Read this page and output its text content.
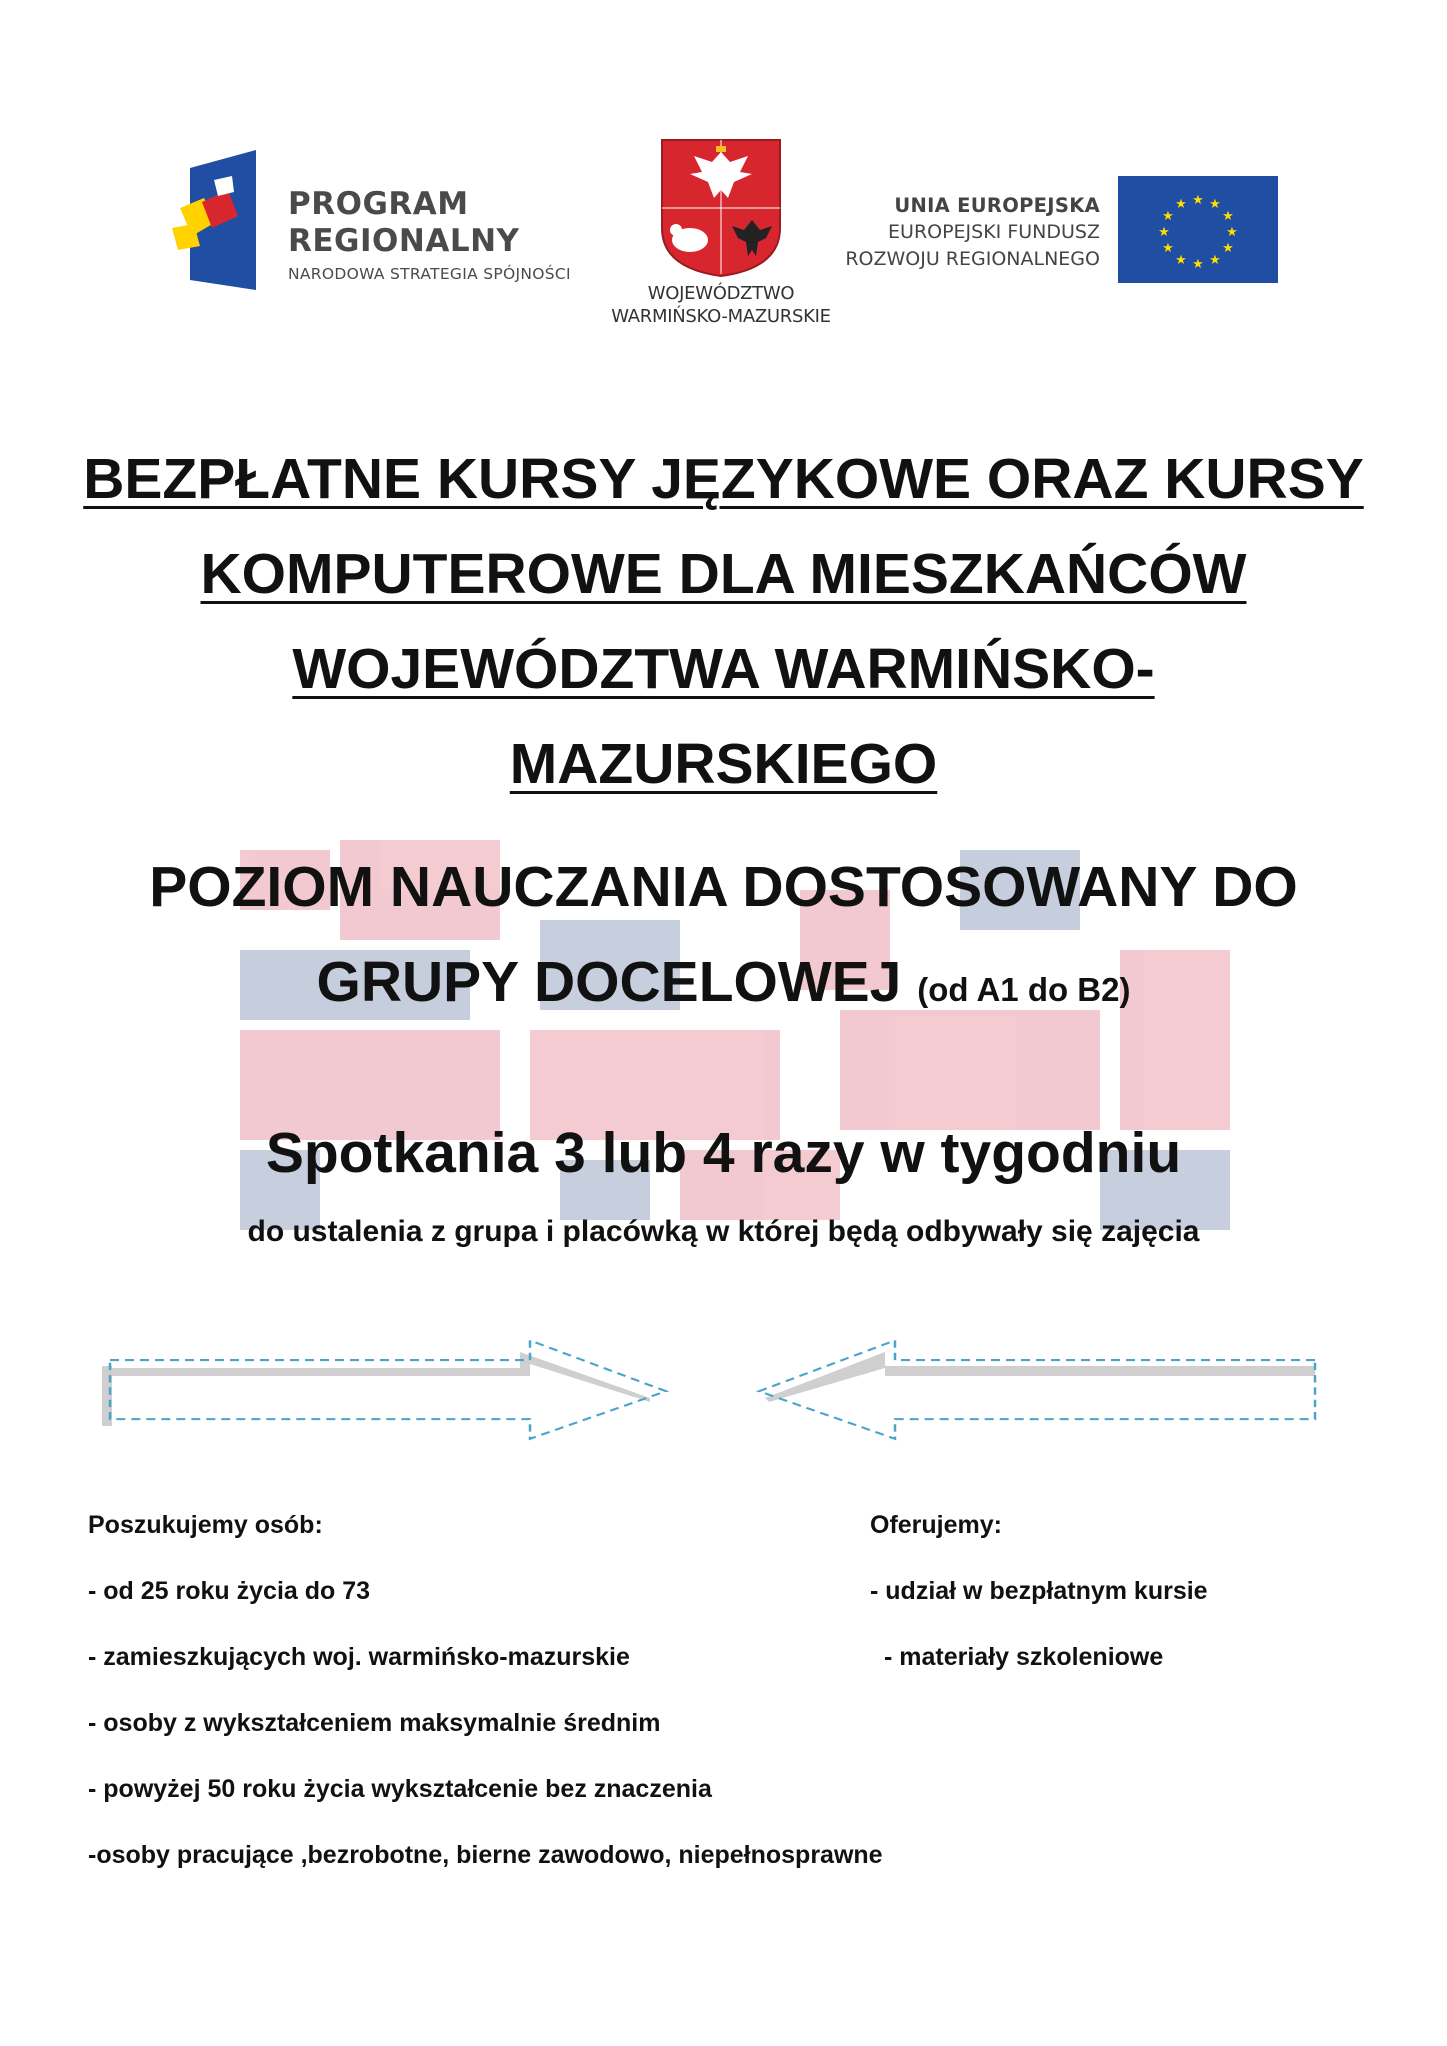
PROGRAM
REGIONALNY
NARODOWA STRATEGIA SPÓJNOŚCI
WOJEWÓDZTWO
WARMIŃSKO-MAZURSKIE
UNIA EUROPEJSKA
EUROPEJSKI FUNDUSZ
ROZWOJU REGIONALNEGO
★ ★
★
★
★
★
★
★
★
★
★
★
BEZPŁATNE KURSY JĘZYKOWE ORAZ KURSY
KOMPUTEROWE DLA MIESZKAŃCÓW
WOJEWÓDZTWA WARMIŃSKO-
MAZURSKIEGO
POZIOM NAUCZANIA DOSTOSOWANY DO
GRUPY DOCELOWEJ (od A1 do B2)
Spotkania 3 lub 4 razy w tygodniu
do ustalenia z grupa i placówką w której będą odbywały się zajęcia
Poszukujemy osób:
- od 25 roku życia do 73
- zamieszkujących woj. warmińsko-mazurskie
- osoby z wykształceniem maksymalnie średnim
- powyżej 50 roku życia wykształcenie bez znaczenia
-osoby pracujące ,bezrobotne, bierne zawodowo, niepełnosprawne
Oferujemy:
- udział w bezpłatnym kursie
- materiały szkoleniowe
